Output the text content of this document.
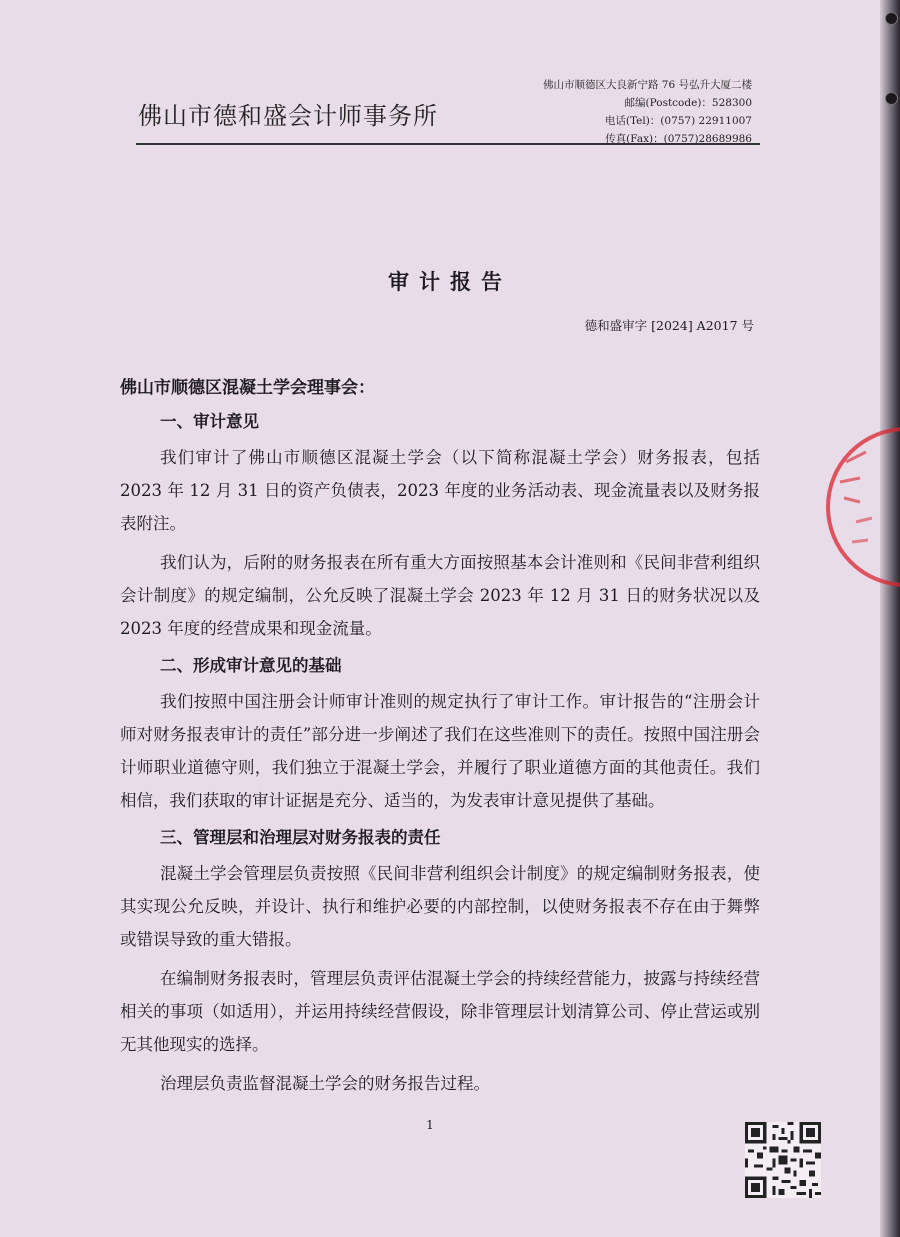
佛山市德和盛会计师事务所
佛山市顺德区大良新宁路 76 号弘升大厦二楼
邮编(Postcode)：528300
电话(Tel)：(0757) 22911007
传真(Fax)：(0757)28689986
审计报告
德和盛审字 [2024] A2017 号
佛山市顺德区混凝土学会理事会：
一、审计意见

我们审计了佛山市顺德区混凝土学会（以下简称混凝土学会）财务报表，包括 2023 年 12 月 31 日的资产负债表，2023 年度的业务活动表、现金流量表以及财务报表附注。

我们认为，后附的财务报表在所有重大方面按照基本会计准则和《民间非营利组织会计制度》的规定编制，公允反映了混凝土学会 2023 年 12 月 31 日的财务状况以及 2023 年度的经营成果和现金流量。

二、形成审计意见的基础

我们按照中国注册会计师审计准则的规定执行了审计工作。审计报告的“注册会计师对财务报表审计的责任”部分进一步阐述了我们在这些准则下的责任。按照中国注册会计师职业道德守则，我们独立于混凝土学会，并履行了职业道德方面的其他责任。我们相信，我们获取的审计证据是充分、适当的，为发表审计意见提供了基础。

三、管理层和治理层对财务报表的责任

混凝土学会管理层负责按照《民间非营利组织会计制度》的规定编制财务报表，使其实现公允反映，并设计、执行和维护必要的内部控制，以使财务报表不存在由于舞弊或错误导致的重大错报。

在编制财务报表时，管理层负责评估混凝土学会的持续经营能力，披露与持续经营相关的事项（如适用），并运用持续经营假设，除非管理层计划清算公司、停止营运或别无其他现实的选择。

治理层负责监督混凝土学会的财务报告过程。

1
